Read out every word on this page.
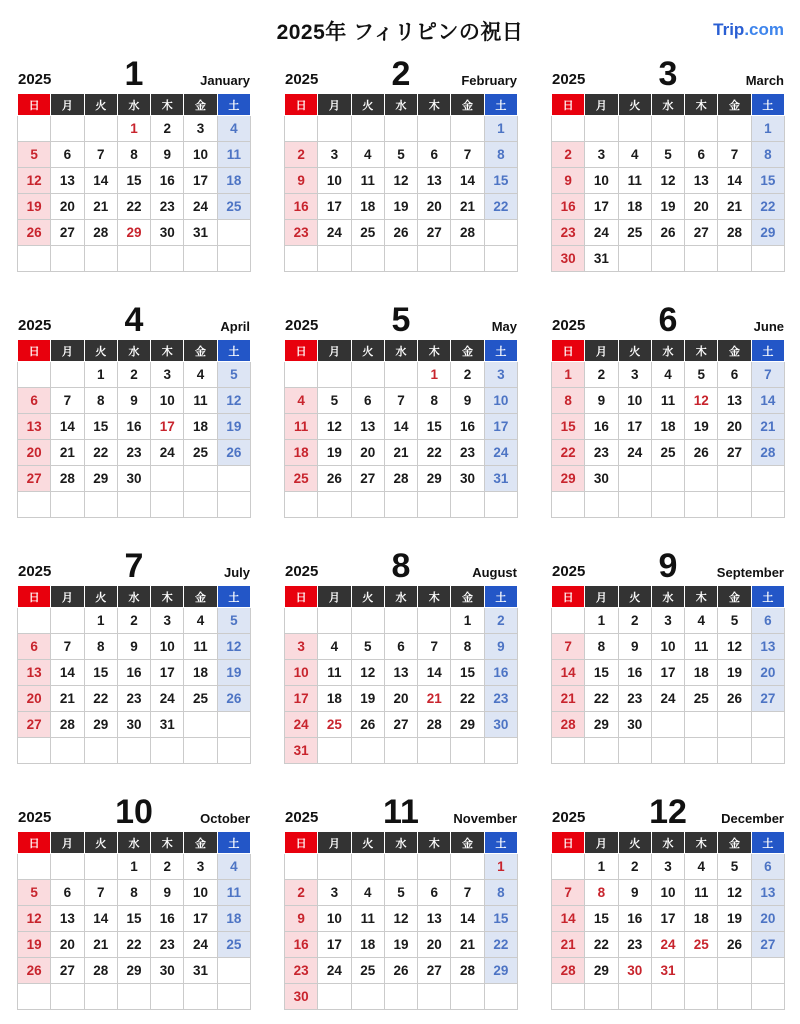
2025年 フィリピンの祝日	Trip.com
2025 1	January
日	月	火	水	木	金	土
			1	2	3	4
5	6	7	8	9	10	11
12	13	14	15	16	17	18
19	20	21	22	23	24	25
26	27	28	29	30	31	

2025 2	February
日	月	火	水	木	金	土
						1
2	3	4	5	6	7	8
9	10	11	12	13	14	15
16	17	18	19	20	21	22
23	24	25	26	27	28	

2025 3	March
日	月	火	水	木	金	土
						1
2	3	4	5	6	7	8
9	10	11	12	13	14	15
16	17	18	19	20	21	22
23	24	25	26	27	28	29
30	31					
2025 4	April
日	月	火	水	木	金	土
		1	2	3	4	5
6	7	8	9	10	11	12
13	14	15	16	17	18	19
20	21	22	23	24	25	26
27	28	29	30			

2025 5	May
日	月	火	水	木	金	土
				1	2	3
4	5	6	7	8	9	10
11	12	13	14	15	16	17
18	19	20	21	22	23	24
25	26	27	28	29	30	31

2025 6	June
日	月	火	水	木	金	土
1	2	3	4	5	6	7
8	9	10	11	12	13	14
15	16	17	18	19	20	21
22	23	24	25	26	27	28
29	30					

2025 7	July
日	月	火	水	木	金	土
		1	2	3	4	5
6	7	8	9	10	11	12
13	14	15	16	17	18	19
20	21	22	23	24	25	26
27	28	29	30	31		

2025 8	August
日	月	火	水	木	金	土
					1	2
3	4	5	6	7	8	9
10	11	12	13	14	15	16
17	18	19	20	21	22	23
24	25	26	27	28	29	30
31						
2025 9	September
日	月	火	水	木	金	土
	1	2	3	4	5	6
7	8	9	10	11	12	13
14	15	16	17	18	19	20
21	22	23	24	25	26	27
28	29	30				

2025 10	October
日	月	火	水	木	金	土
			1	2	3	4
5	6	7	8	9	10	11
12	13	14	15	16	17	18
19	20	21	22	23	24	25
26	27	28	29	30	31	

2025 11	November
日	月	火	水	木	金	土
						1
2	3	4	5	6	7	8
9	10	11	12	13	14	15
16	17	18	19	20	21	22
23	24	25	26	27	28	29
30						
2025 12	December
日	月	火	水	木	金	土
	1	2	3	4	5	6
7	8	9	10	11	12	13
14	15	16	17	18	19	20
21	22	23	24	25	26	27
28	29	30	31			
